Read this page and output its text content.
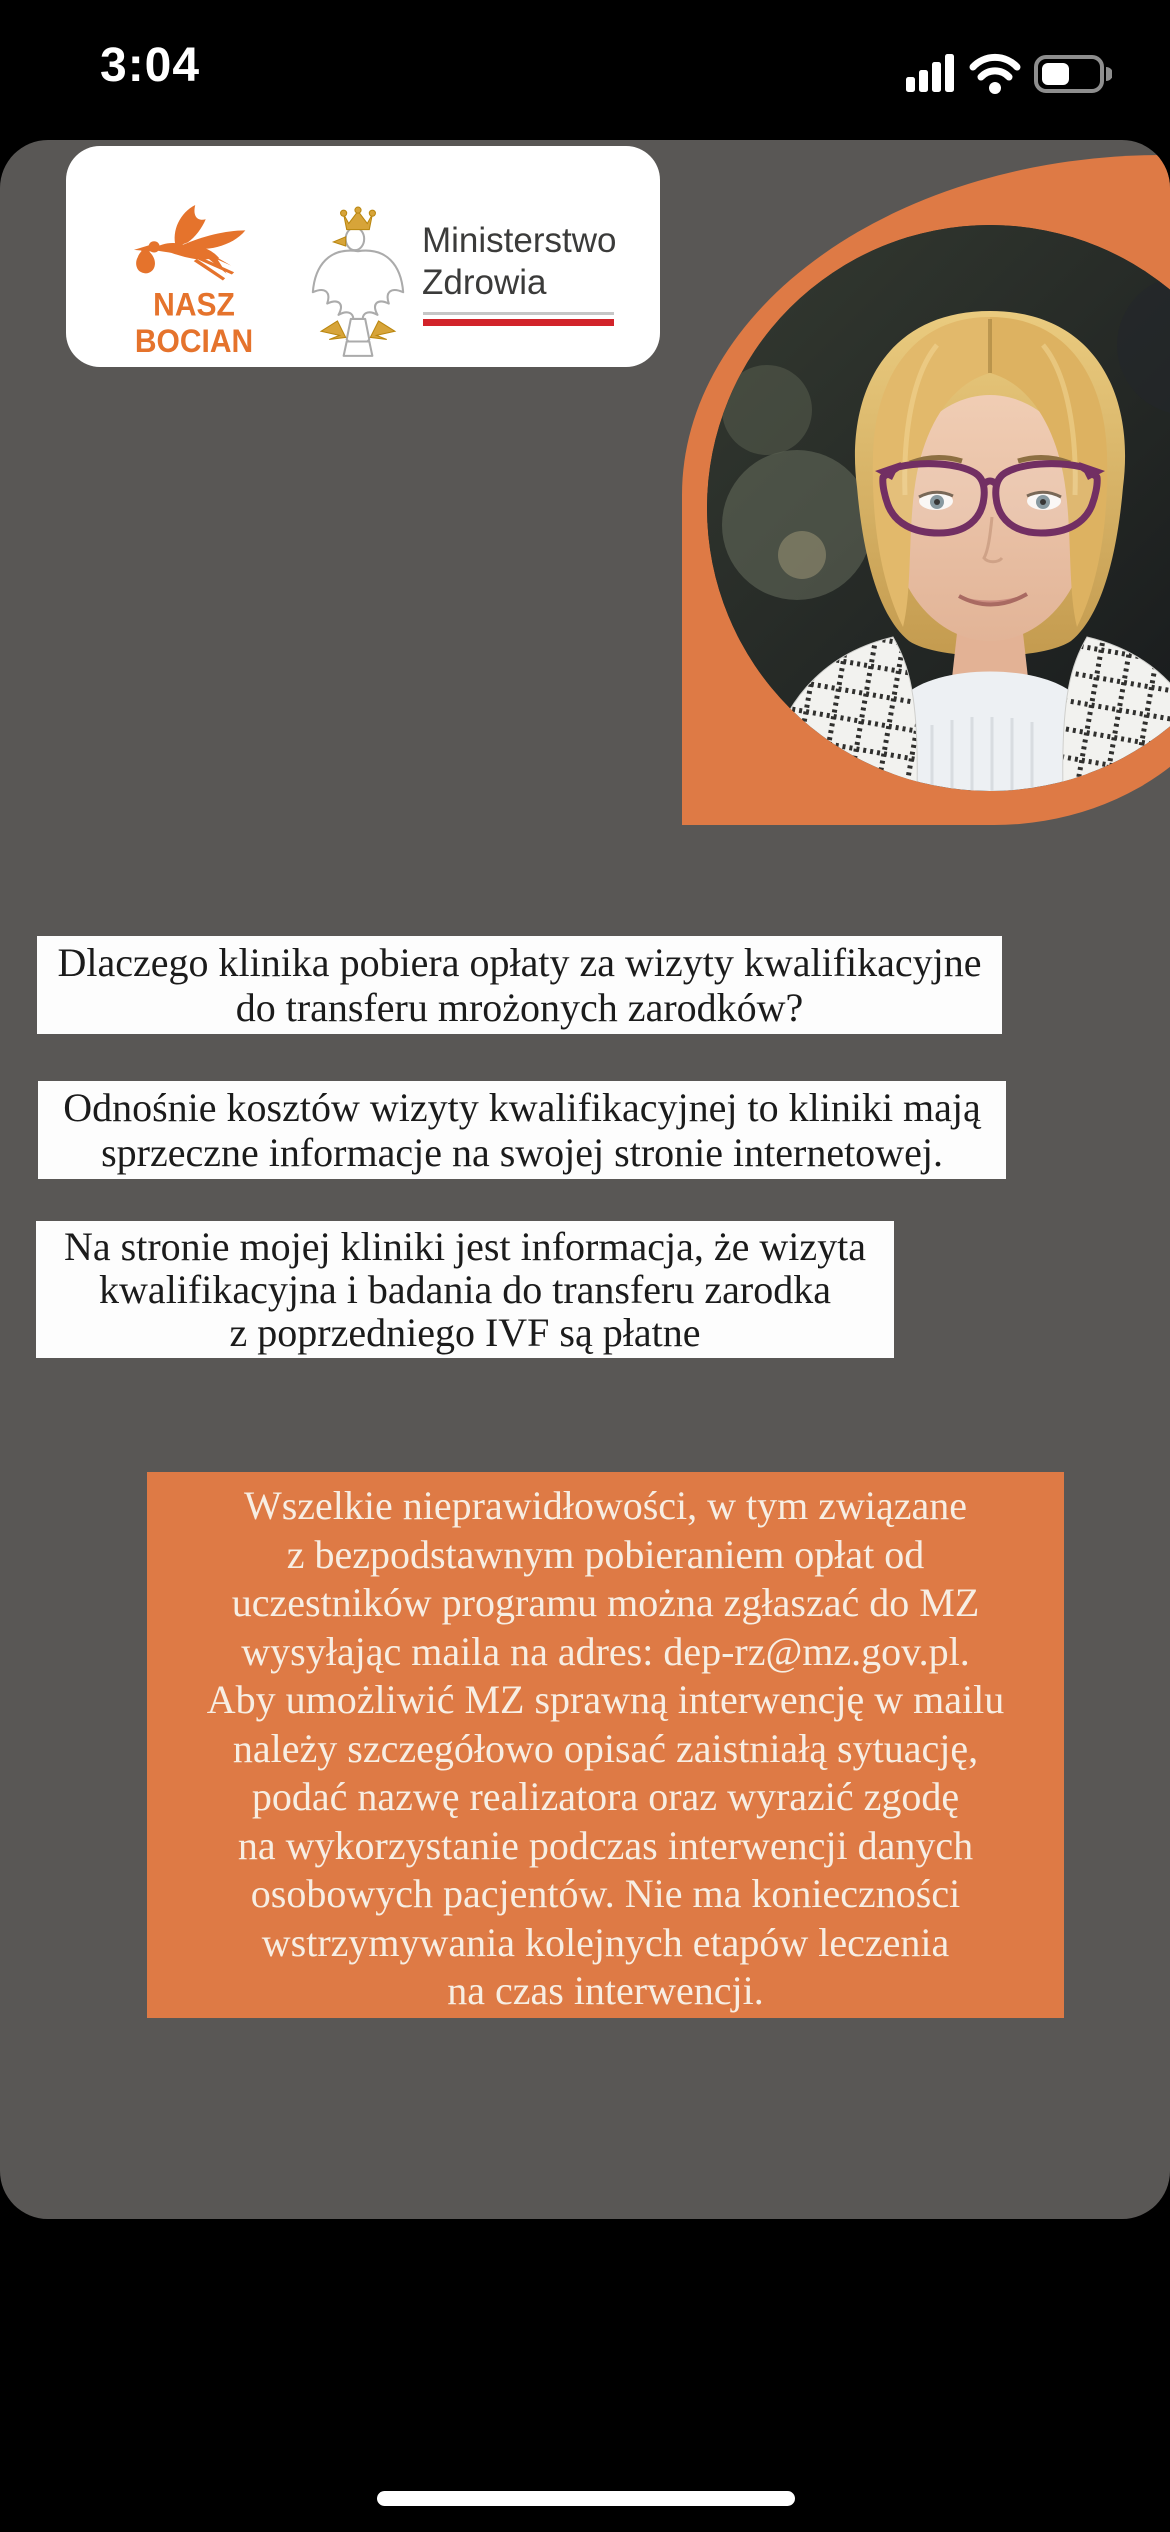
3:04
NASZ BOCIAN
Ministerstwo
Zdrowia
Dlaczego klinika pobiera opłaty za wizyty kwalifikacyjne
do transferu mrożonych zarodków?
Odnośnie kosztów wizyty kwalifikacyjnej to kliniki mają
sprzeczne informacje na swojej stronie internetowej.
Na stronie mojej kliniki jest informacja, że wizyta
kwalifikacyjna i badania do transferu zarodka
z poprzedniego IVF są płatne
Wszelkie nieprawidłowości, w tym związane
z bezpodstawnym pobieraniem opłat od
uczestników programu można zgłaszać do MZ
wysyłając maila na adres: dep-rz@mz.gov.pl.
Aby umożliwić MZ sprawną interwencję w mailu
należy szczegółowo opisać zaistniałą sytuację,
podać nazwę realizatora oraz wyrazić zgodę
na wykorzystanie podczas interwencji danych
osobowych pacjentów. Nie ma konieczności
wstrzymywania kolejnych etapów leczenia
na czas interwencji.
